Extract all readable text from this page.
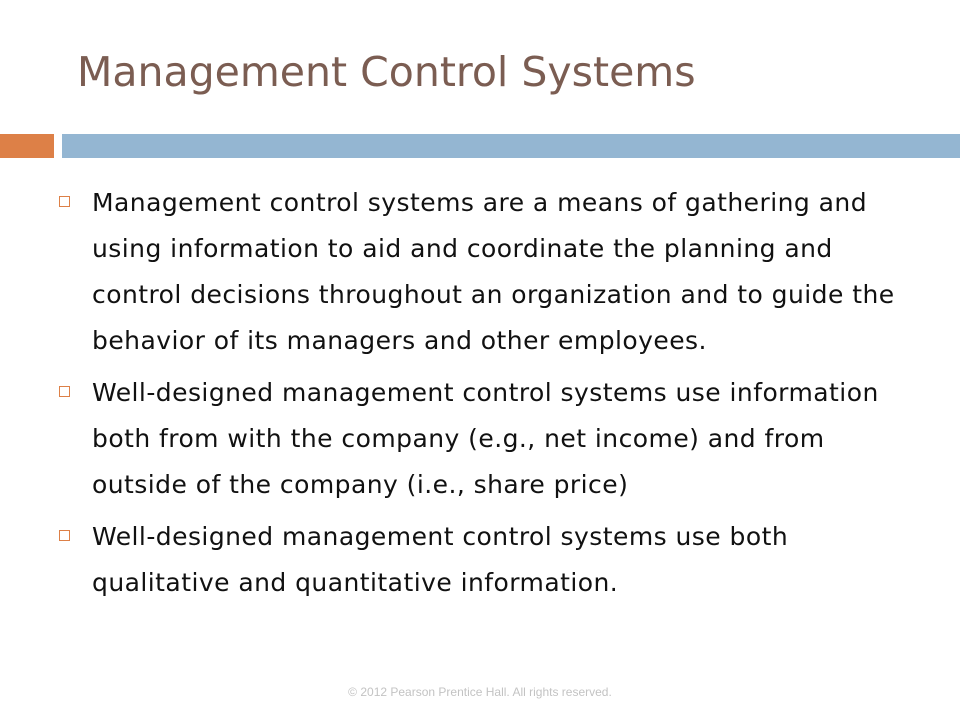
Management Control Systems
Management control systems are a means of gathering and using information to aid and coordinate the planning and control decisions throughout an organization and to guide the behavior of its managers and other employees.
Well-designed management control systems use information both from with the company (e.g., net income) and from outside of the company (i.e., share price)
Well-designed management control systems use both qualitative and quantitative information.
© 2012 Pearson Prentice Hall. All rights reserved.
